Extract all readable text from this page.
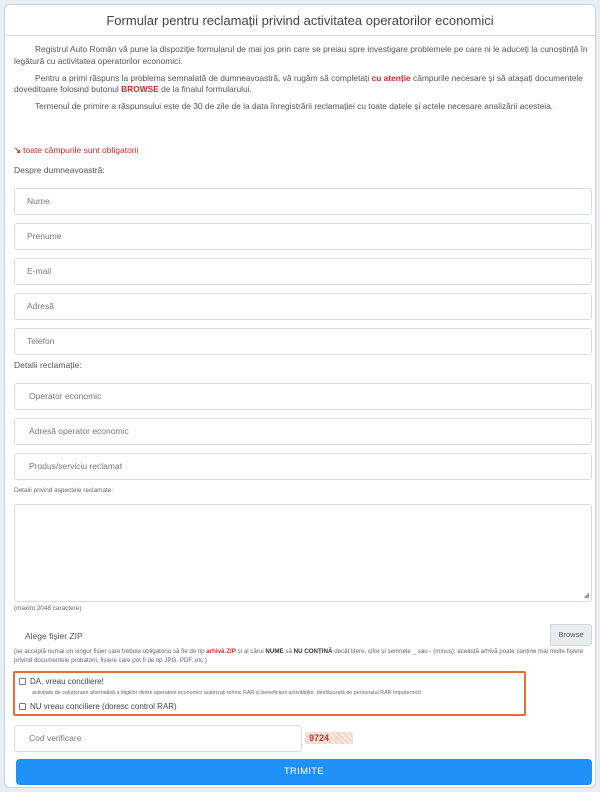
Formular pentru reclamații privind activitatea operatorilor economici

Registrul Auto Român vă pune la dispoziție formularul de mai jos prin care se preiau spre investigare problemele pe care ni le aduceți la cunoștință în legătură cu activitatea operatorilor economici.

Pentru a primi răspuns la problema semnalată de dumneavoastră, vă rugăm să completați cu atenție câmpurile necesare și să atașați documentele doveditoare folosind butonul BROWSE de la finalul formularului.

Termenul de primire a răspunsului este de 30 de zile de la data înregistrării reclamației cu toate datele și actele necesare analizării acesteia.

↘ toate câmpurile sunt obligatorii
Despre dumneavoastră:
Nume
Prenume
E-mail
Adresă
Telefon
Detalii reclamație:
Operator economic
Adresă operator economic
Produs/serviciu reclamat
Detalii privind aspectele reclamate:
◢
(maxim 2048 caractere)
Alege fișier ZIP	Browse
(se acceptă numai un singur fișier care trebuie obligatoriu să fie de tip arhivă ZIP și al cărui NUME să NU CONȚINĂ decât litere, cifre și semnele _ sau - (minus); această arhivă poate conține mai multe fișiere privind documentele probatorii, fișiere care pot fi de tip JPG, PDF, etc.)
DA, vreau conciliere!
activitate de soluționare alternativă a litigiilor dintre operatorii economici autorizați tehnic RAR și beneficiarii activităților, desfășurată de personalul RAR împuternicit
NU vreau conciliere (doresc control RAR)
Cod verificare	9724
TRIMITE
